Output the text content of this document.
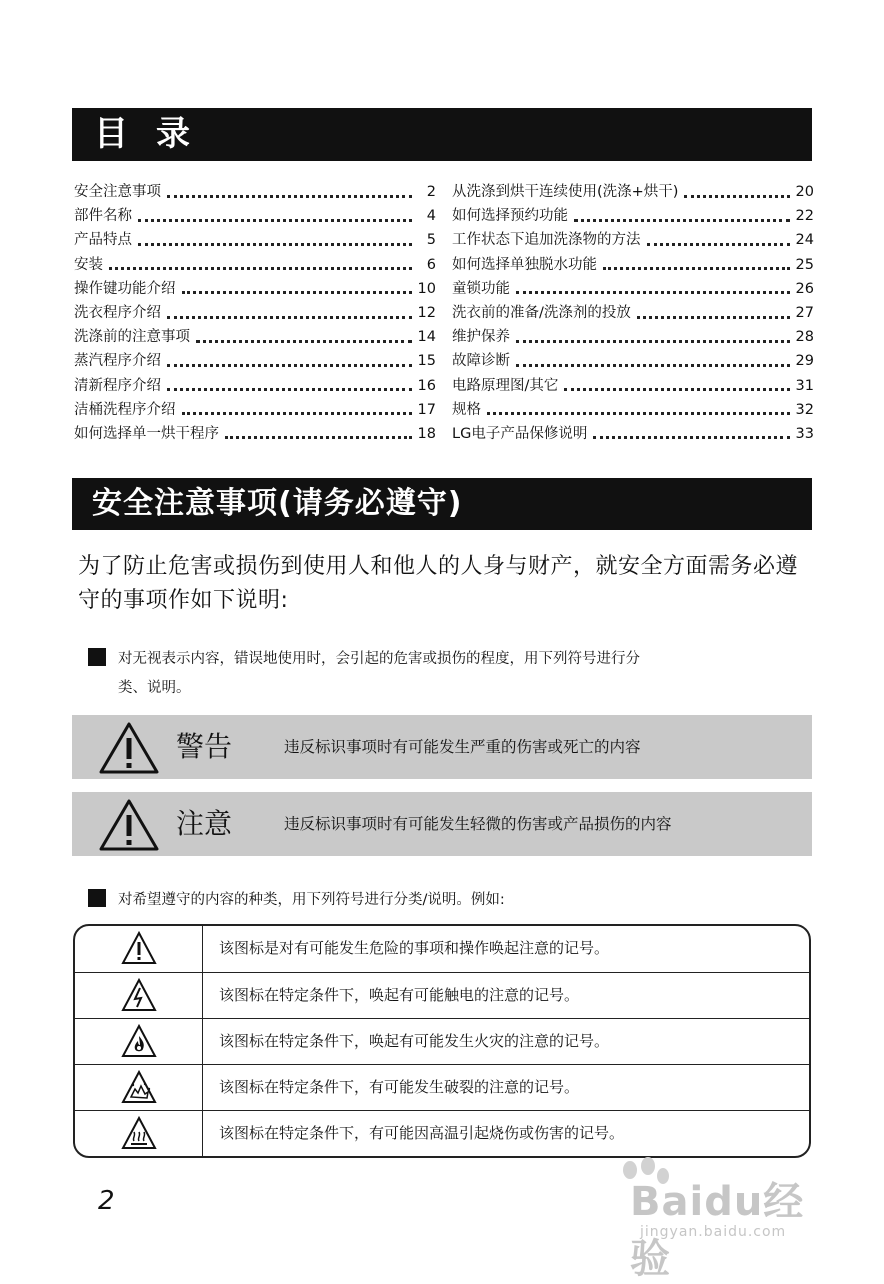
目录
安全注意事项	2
部件名称	4
产品特点	5
安装	6
操作键功能介绍	10
洗衣程序介绍	12
洗涤前的注意事项	14
蒸汽程序介绍	15
清新程序介绍	16
洁桶洗程序介绍	17
如何选择单一烘干程序	18
从洗涤到烘干连续使用(洗涤+烘干)	20
如何选择预约功能	22
工作状态下追加洗涤物的方法	24
如何选择单独脱水功能	25
童锁功能	26
洗衣前的准备/洗涤剂的投放	27
维护保养	28
故障诊断	29
电路原理图/其它	31
规格	32
LG电子产品保修说明	33
安全注意事项(请务必遵守)
为了防止危害或损伤到使用人和他人的人身与财产，就安全方面需务必遵守的事项作如下说明:
对无视表示内容，错误地使用时，会引起的危害或损伤的程度，用下列符号进行分
类、说明。
警告	违反标识事项时有可能发生严重的伤害或死亡的内容
注意	违反标识事项时有可能发生轻微的伤害或产品损伤的内容
对希望遵守的内容的种类，用下列符号进行分类/说明。例如:
该图标是对有可能发生危险的事项和操作唤起注意的记号。
该图标在特定条件下，唤起有可能触电的注意的记号。
该图标在特定条件下，唤起有可能发生火灾的注意的记号。
该图标在特定条件下，有可能发生破裂的注意的记号。
该图标在特定条件下，有可能因高温引起烧伤或伤害的记号。
2	Baidu经验
jingyan.baidu.com
